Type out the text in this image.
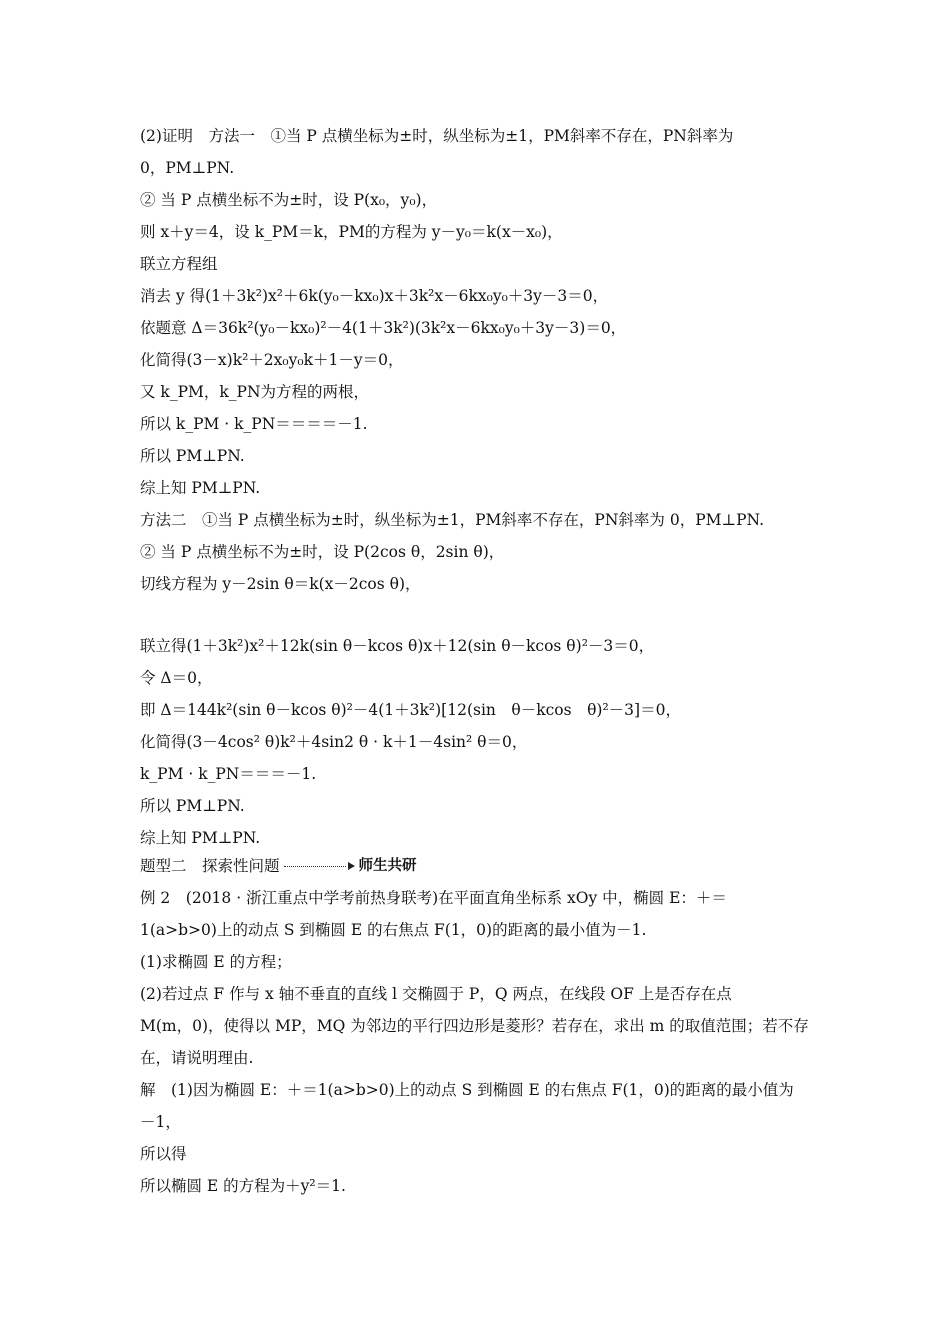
(2)证明　方法一　①当 P 点横坐标为±时，纵坐标为±1，PM斜率不存在，PN斜率为
0，PM⊥PN.
② 当 P 点横坐标不为±时，设 P(x₀，y₀)，
则 x＋y＝4，设 k_PM＝k，PM的方程为 y－y₀＝k(x－x₀)，
联立方程组
消去 y 得(1＋3k²)x²＋6k(y₀－kx₀)x＋3k²x－6kx₀y₀＋3y－3＝0，
依题意 Δ＝36k²(y₀－kx₀)²－4(1＋3k²)(3k²x－6kx₀y₀＋3y－3)＝0，
化简得(3－x)k²＋2x₀y₀k＋1－y＝0，
又 k_PM，k_PN为方程的两根，
所以 k_PM · k_PN＝＝＝＝－1.
所以 PM⊥PN.
综上知 PM⊥PN.
方法二　①当 P 点横坐标为±时，纵坐标为±1，PM斜率不存在，PN斜率为 0，PM⊥PN.
② 当 P 点横坐标不为±时，设 P(2cos θ，2sin θ)，
切线方程为 y－2sin θ＝k(x－2cos θ)，
联立得(1＋3k²)x²＋12k(sin θ－kcos θ)x＋12(sin θ－kcos θ)²－3＝0，
令 Δ＝0，
即 Δ＝144k²(sin θ－kcos θ)²－4(1＋3k²)[12(sin　θ－kcos　θ)²－3]＝0，
化简得(3－4cos² θ)k²＋4sin2 θ · k＋1－4sin² θ＝0，
k_PM · k_PN＝＝＝－1.
所以 PM⊥PN.
综上知 PM⊥PN.
题型二　探索性问题	师生共研
例 2　(2018 · 浙江重点中学考前热身联考)在平面直角坐标系 xOy 中，椭圆 E：＋＝
1(a>b>0)上的动点 S 到椭圆 E 的右焦点 F(1，0)的距离的最小值为－1.
(1)求椭圆 E 的方程；
(2)若过点 F 作与 x 轴不垂直的直线 l 交椭圆于 P，Q 两点，在线段 OF 上是否存在点
M(m，0)，使得以 MP，MQ 为邻边的平行四边形是菱形？若存在，求出 m 的取值范围；若不存
在，请说明理由.
解　(1)因为椭圆 E：＋＝1(a>b>0)上的动点 S 到椭圆 E 的右焦点 F(1，0)的距离的最小值为
－1，
所以得
所以椭圆 E 的方程为＋y²＝1.
